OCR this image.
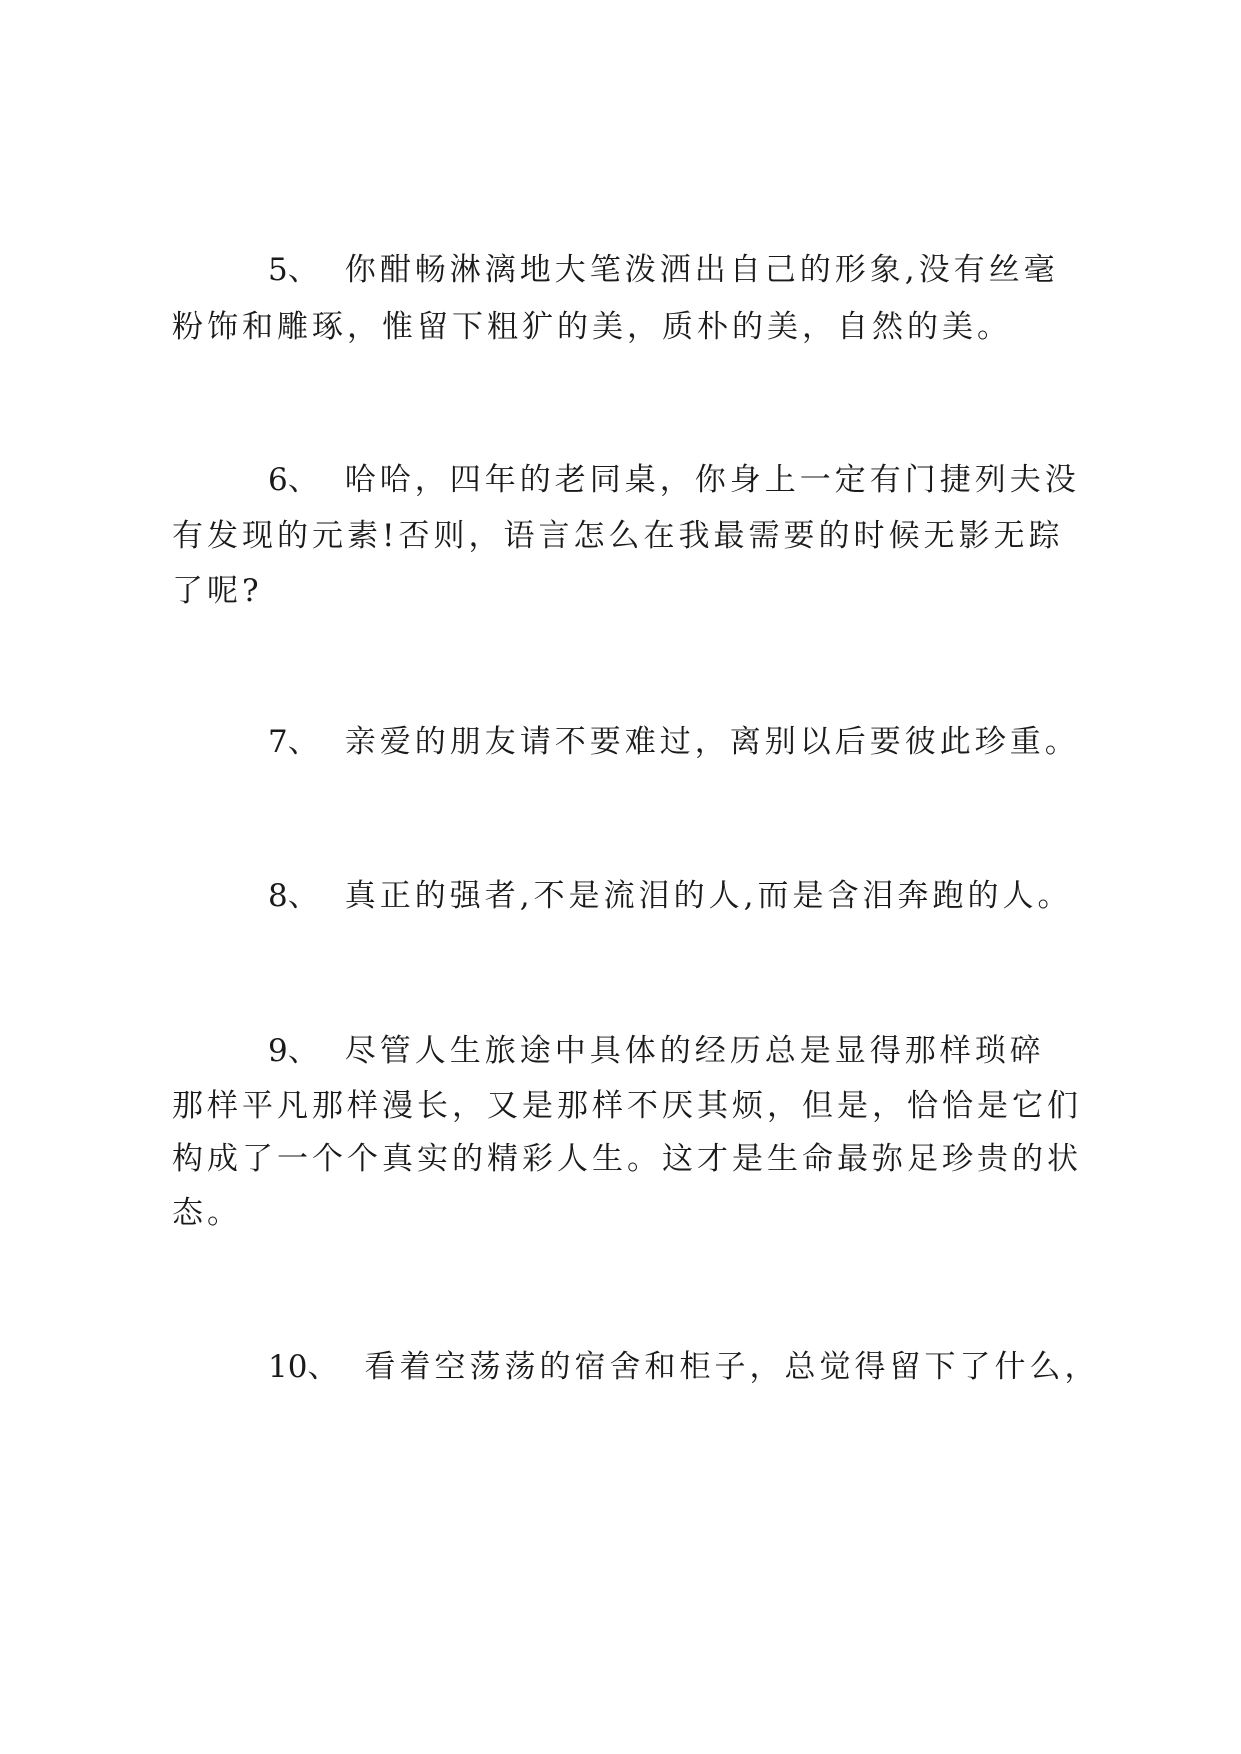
5、 你酣畅淋漓地大笔泼洒出自己的形象,没有丝毫
粉饰和雕琢，惟留下粗犷的美，质朴的美，自然的美。
6、 哈哈，四年的老同桌，你身上一定有门捷列夫没
有发现的元素!否则，语言怎么在我最需要的时候无影无踪
了呢?
7、 亲爱的朋友请不要难过，离别以后要彼此珍重。
8、 真正的强者,不是流泪的人,而是含泪奔跑的人。
9、 尽管人生旅途中具体的经历总是显得那样琐碎
那样平凡那样漫长，又是那样不厌其烦，但是，恰恰是它们
构成了一个个真实的精彩人生。这才是生命最弥足珍贵的状
态。
10、 看着空荡荡的宿舍和柜子，总觉得留下了什么，
